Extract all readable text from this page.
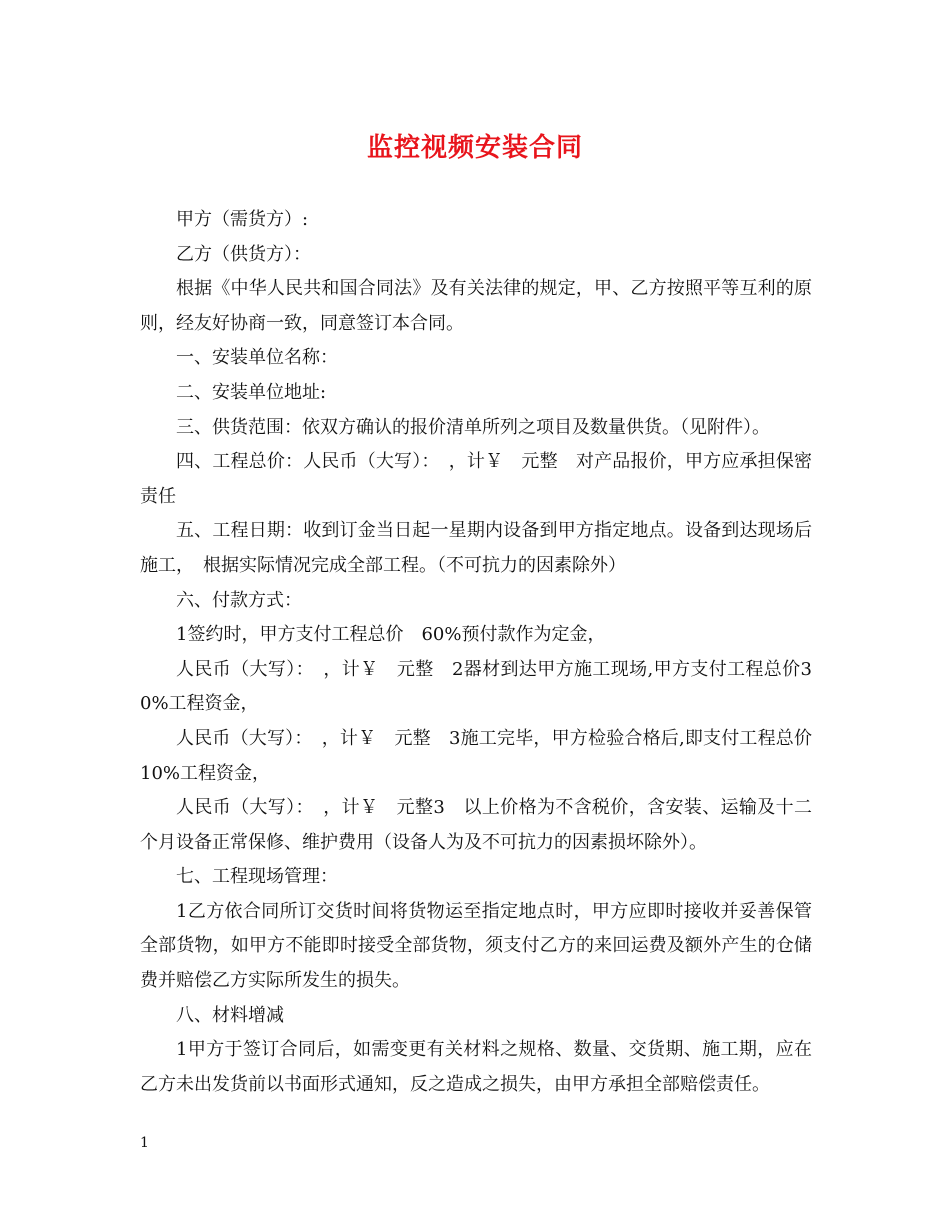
监控视频安装合同

甲方（需货方）:

乙方（供货方）：

根据《中华人民共和国合同法》及有关法律的规定，甲、乙方按照平等互利的原则，经友好协商一致，同意签订本合同。

一、安装单位名称：

二、安装单位地址:

三、供货范围：依双方确认的报价清单所列之项目及数量供货。（见附件）。

四、工程总价：人民币（大写）：　，计￥　元整　对产品报价，甲方应承担保密责任

五、工程日期：收到订金当日起一星期内设备到甲方指定地点。设备到达现场后施工，　根据实际情况完成全部工程。（不可抗力的因素除外）

六、付款方式：

1签约时，甲方支付工程总价　60%预付款作为定金，

人民币（大写）：　，计￥　元整　2器材到达甲方施工现场,甲方支付工程总价30%工程资金，

人民币（大写）：　，计￥　元整　3施工完毕，甲方检验合格后,即支付工程总价10%工程资金，

人民币（大写）：　，计￥　元整3　以上价格为不含税价，含安装、运输及十二个月设备正常保修、维护费用（设备人为及不可抗力的因素损坏除外）。

七、工程现场管理：

1乙方依合同所订交货时间将货物运至指定地点时，甲方应即时接收并妥善保管全部货物，如甲方不能即时接受全部货物，须支付乙方的来回运费及额外产生的仓储费并赔偿乙方实际所发生的损失。

八、材料增减

1甲方于签订合同后，如需变更有关材料之规格、数量、交货期、施工期，应在乙方未出发货前以书面形式通知，反之造成之损失，由甲方承担全部赔偿责任。

1
